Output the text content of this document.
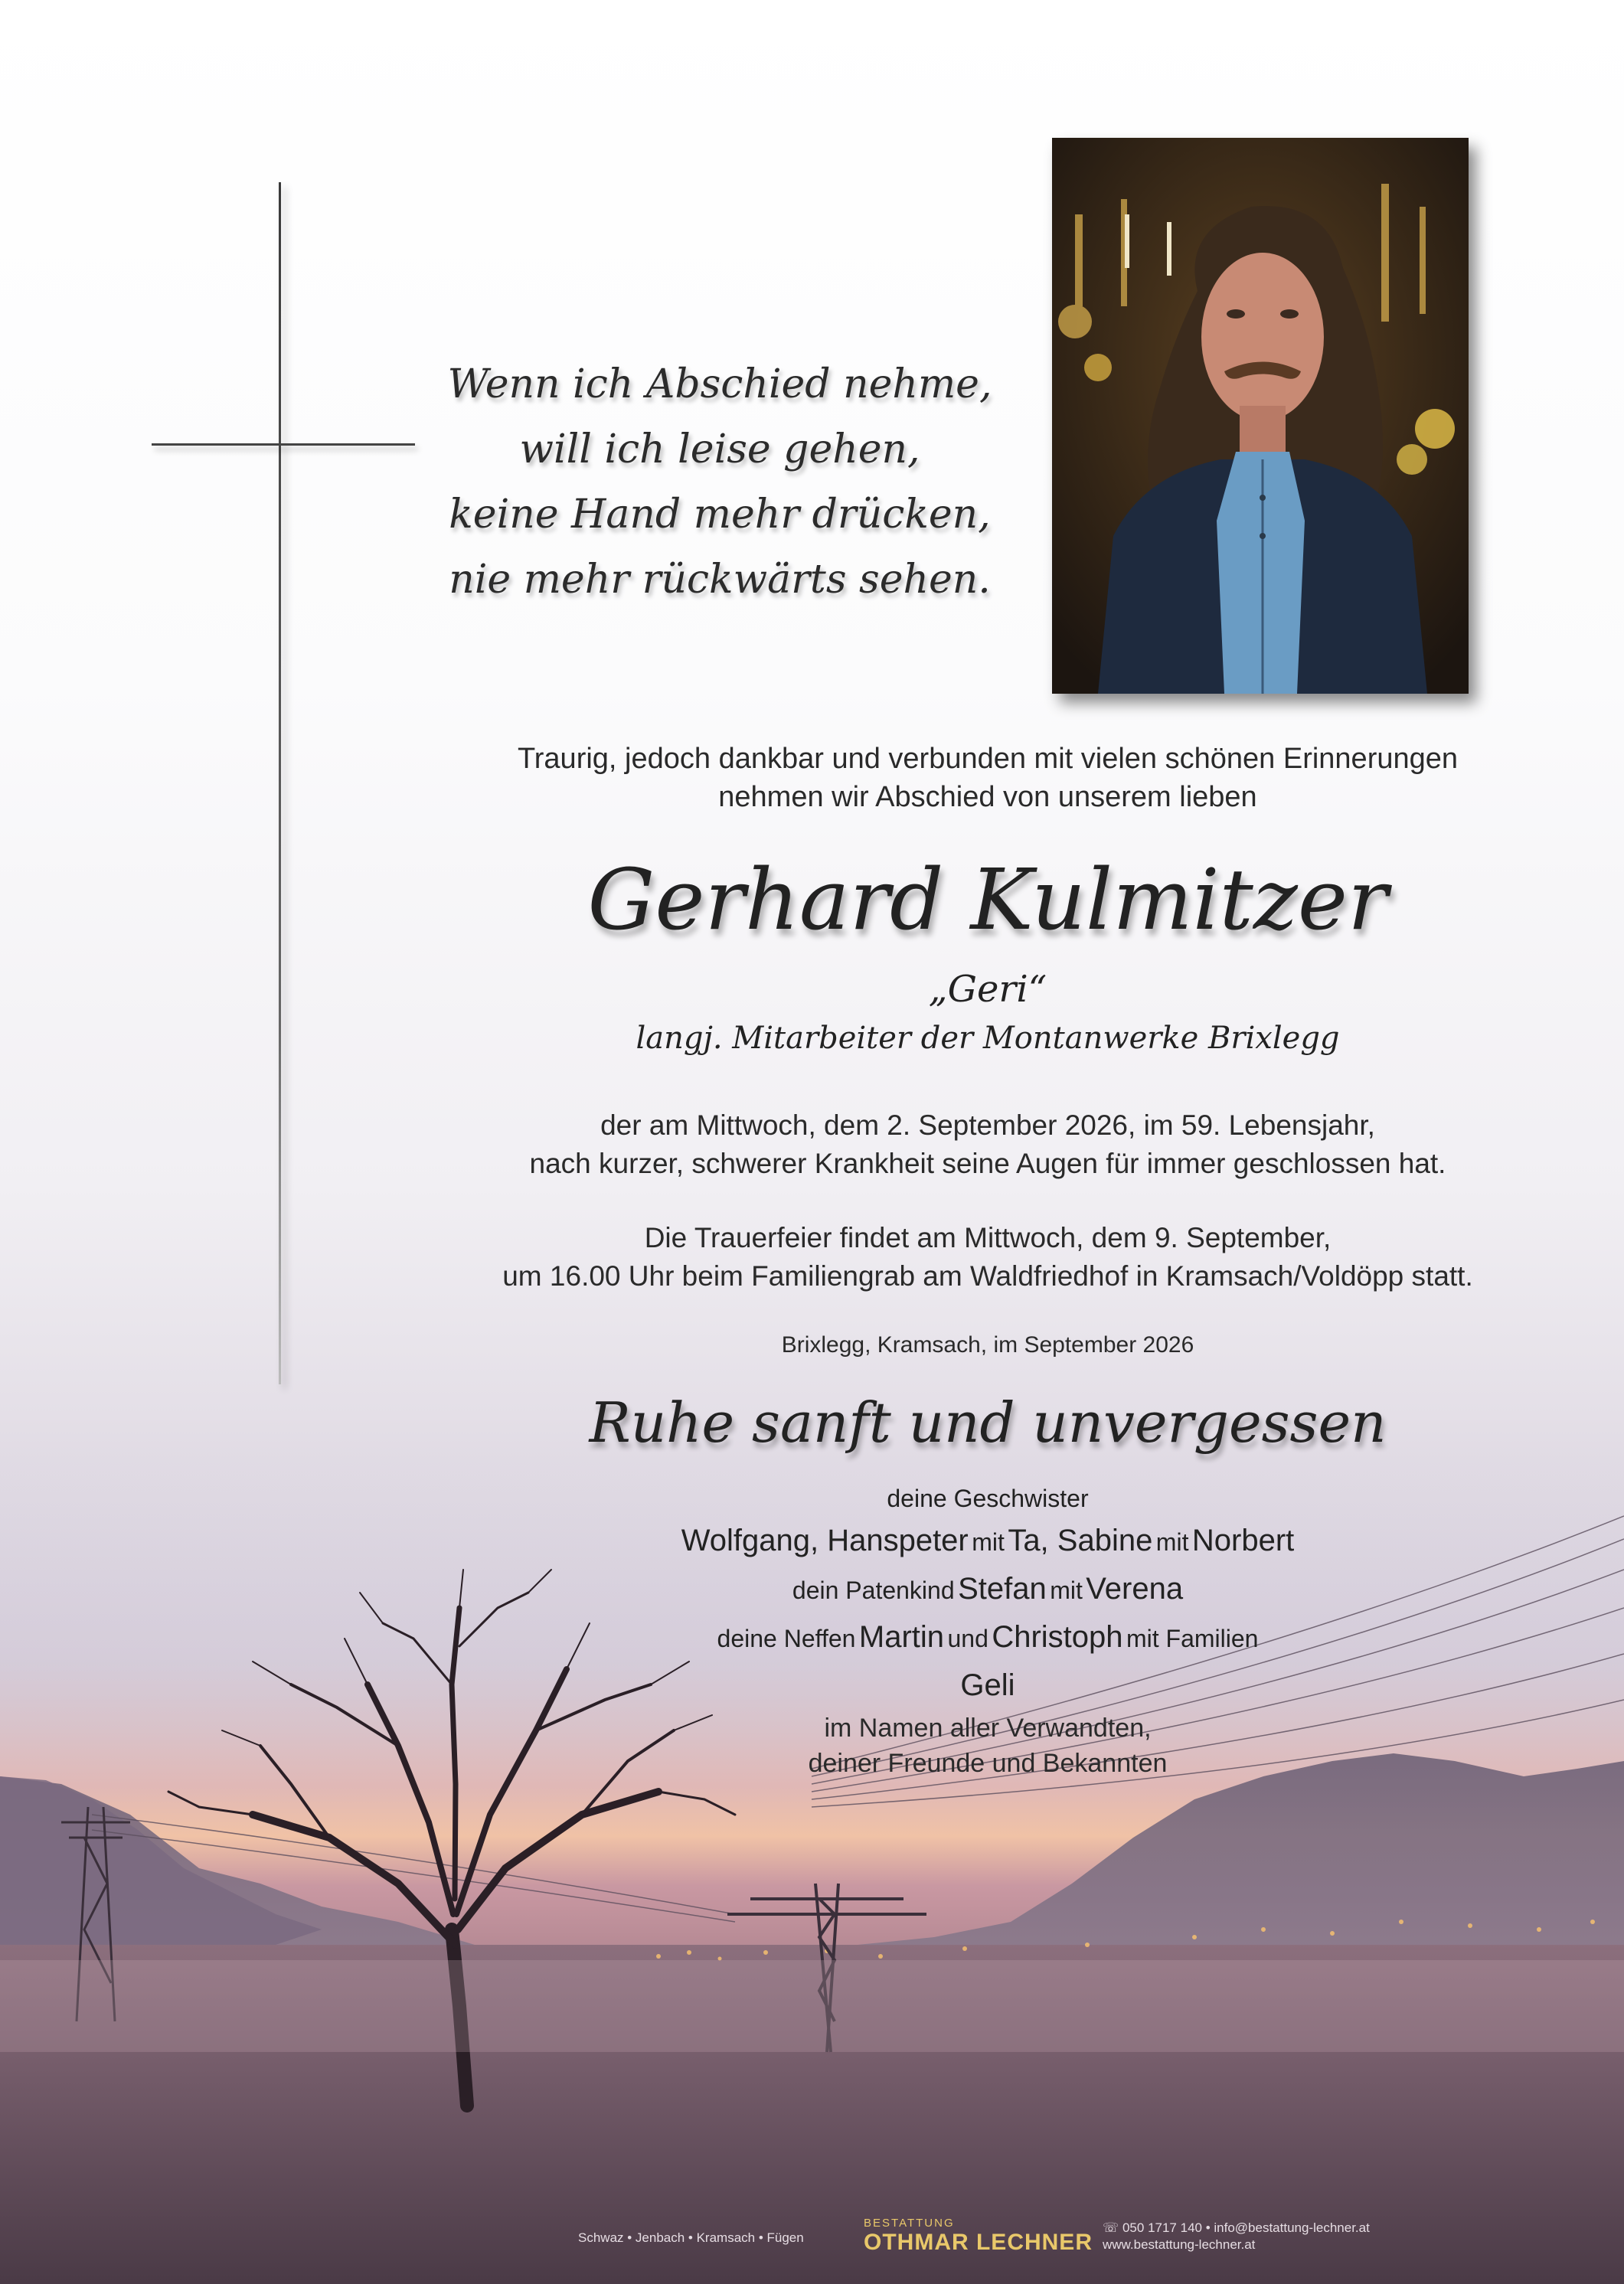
Wenn ich Abschied nehme,
will ich leise gehen,
keine Hand mehr drücken,
nie mehr rückwärts sehen.
Traurig, jedoch dankbar und verbunden mit vielen schönen Erinnerungen
nehmen wir Abschied von unserem lieben
Gerhard Kulmitzer
„Geri“
langj. Mitarbeiter der Montanwerke Brixlegg
der am Mittwoch, dem 2. September 2026, im 59. Lebensjahr,
nach kurzer, schwerer Krankheit seine Augen für immer geschlossen hat.
Die Trauerfeier findet am Mittwoch, dem 9. September,
um 16.00 Uhr beim Familiengrab am Waldfriedhof in Kramsach/Voldöpp statt.
Brixlegg, Kramsach, im September 2026
Ruhe sanft und unvergessen
deine Geschwister
Wolfgang, Hanspeter mit Ta, Sabine mit Norbert
dein Patenkind Stefan mit Verena
deine Neffen Martin und Christoph mit Familien
Geli
im Namen aller Verwandten,
deiner Freunde und Bekannten
Schwaz • Jenbach • Kramsach • Fügen
BESTATTUNG
OTHMAR LECHNER
☏ 050 1717 140 • info@bestattung-lechner.at
www.bestattung-lechner.at
